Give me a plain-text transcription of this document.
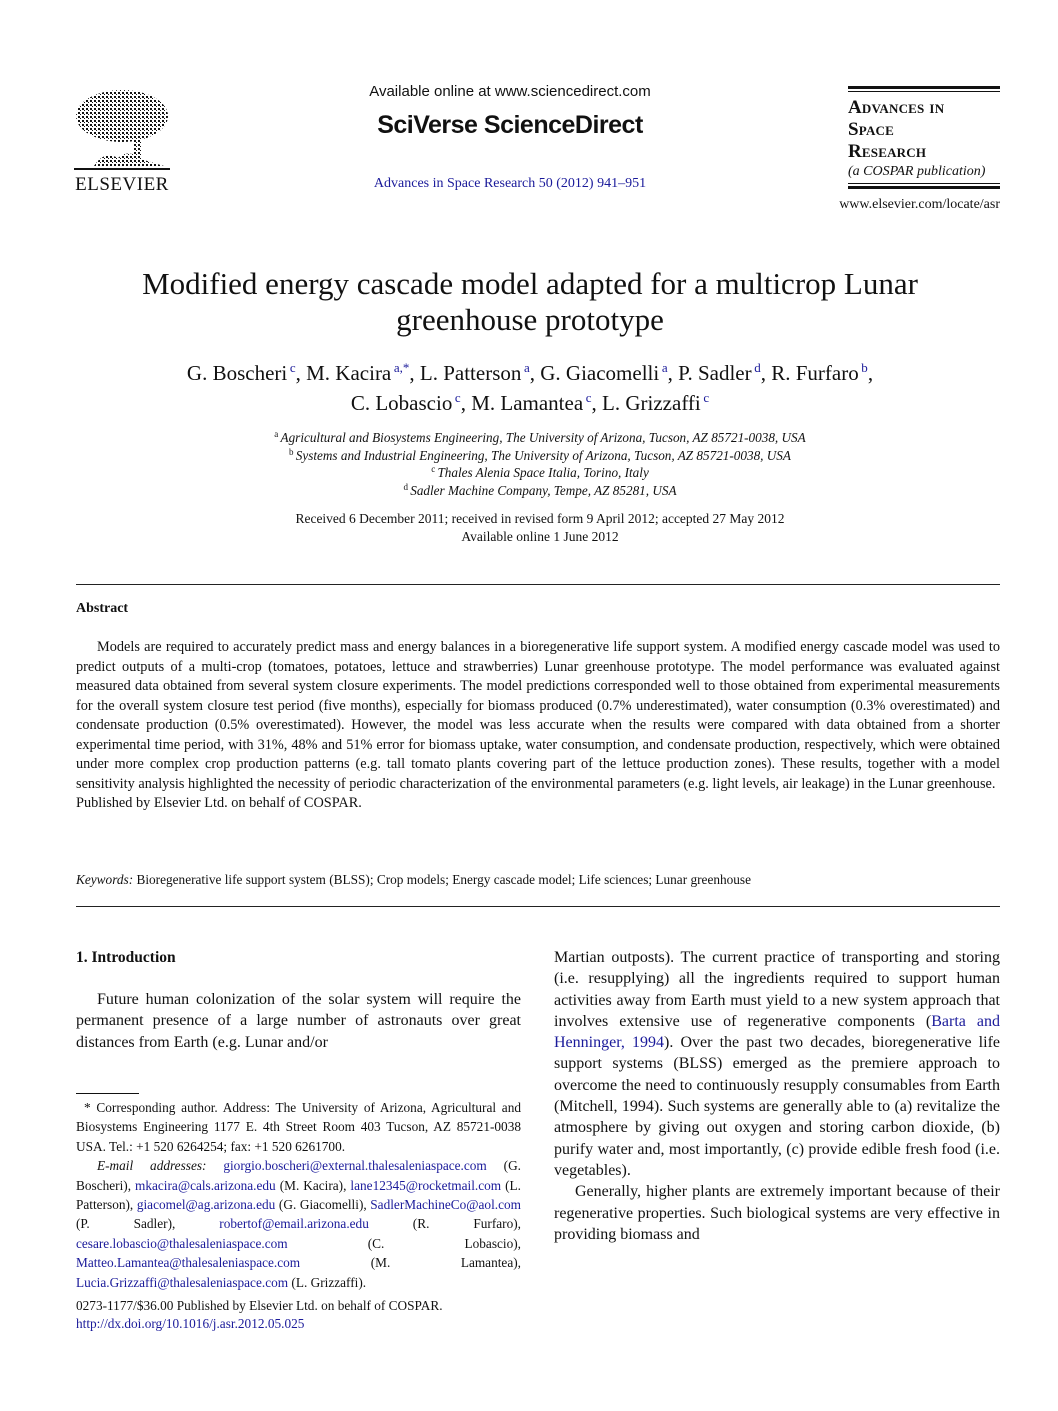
ELSEVIER
Available online at www.sciencedirect.com
SciVerse ScienceDirect
Advances in Space Research 50 (2012) 941–951
Advances in
Space
Research
(a COSPAR publication)
www.elsevier.com/locate/asr
Modified energy cascade model adapted for a multicrop Lunar greenhouse prototype
G. Boscheri $^c$, M. Kacira $^{a,*}$, L. Patterson $^a$, G. Giacomelli $^a$, P. Sadler $^d$, R. Furfaro $^b$,
C. Lobascio $^c$, M. Lamantea $^c$, L. Grizzaffi $^c$
$^a$ Agricultural and Biosystems Engineering, The University of Arizona, Tucson, AZ 85721-0038, USA
$^b$ Systems and Industrial Engineering, The University of Arizona, Tucson, AZ 85721-0038, USA
$^c$ Thales Alenia Space Italia, Torino, Italy
$^d$ Sadler Machine Company, Tempe, AZ 85281, USA
Received 6 December 2011; received in revised form 9 April 2012; accepted 27 May 2012
Available online 1 June 2012
Abstract
Models are required to accurately predict mass and energy balances in a bioregenerative life support system. A modified energy cascade model was used to predict outputs of a multi-crop (tomatoes, potatoes, lettuce and strawberries) Lunar greenhouse prototype. The model performance was evaluated against measured data obtained from several system closure experiments. The model predictions corresponded well to those obtained from experimental measurements for the overall system closure test period (five months), especially for biomass produced (0.7% underestimated), water consumption (0.3% overestimated) and condensate production (0.5% overestimated). However, the model was less accurate when the results were compared with data obtained from a shorter experimental time period, with 31%, 48% and 51% error for biomass uptake, water consumption, and condensate production, respectively, which were obtained under more complex crop production patterns (e.g. tall tomato plants covering part of the lettuce production zones). These results, together with a model sensitivity analysis highlighted the necessity of periodic characterization of the environmental parameters (e.g. light levels, air leakage) in the Lunar greenhouse.
Published by Elsevier Ltd. on behalf of COSPAR.
Keywords: Bioregenerative life support system (BLSS); Crop models; Energy cascade model; Life sciences; Lunar greenhouse
1. Introduction
Future human colonization of the solar system will require the permanent presence of a large number of astronauts over great distances from Earth (e.g. Lunar and/or
Martian outposts). The current practice of transporting and storing (i.e. resupplying) all the ingredients required to support human activities away from Earth must yield to a new system approach that involves extensive use of regenerative components (Barta and Henninger, 1994). Over the past two decades, bioregenerative life support systems (BLSS) emerged as the premiere approach to overcome the need to continuously resupply consumables from Earth (Mitchell, 1994). Such systems are generally able to (a) revitalize the atmosphere by giving out oxygen and storing carbon dioxide, (b) purify water and, most importantly, (c) provide edible fresh food (i.e. vegetables).
Generally, higher plants are extremely important because of their regenerative properties. Such biological systems are very effective in providing biomass and
* Corresponding author. Address: The University of Arizona, Agricultural and Biosystems Engineering 1177 E. 4th Street Room 403 Tucson, AZ 85721-0038 USA. Tel.: +1 520 6264254; fax: +1 520 6261700.
E-mail addresses: giorgio.boscheri@external.thalesaleniaspace.com (G. Boscheri), mkacira@cals.arizona.edu (M. Kacira), lane12345@rocketmail.com (L. Patterson), giacomel@ag.arizona.edu (G. Giacomelli), SadlerMachineCo@aol.com (P. Sadler), robertof@email.arizona.edu (R. Furfaro), cesare.lobascio@thalesaleniaspace.com (C. Lobascio), Matteo.Lamantea@thalesaleniaspace.com (M. Lamantea), Lucia.Grizzaffi@thalesaleniaspace.com (L. Grizzaffi).
0273-1177/$36.00 Published by Elsevier Ltd. on behalf of COSPAR.
http://dx.doi.org/10.1016/j.asr.2012.05.025
